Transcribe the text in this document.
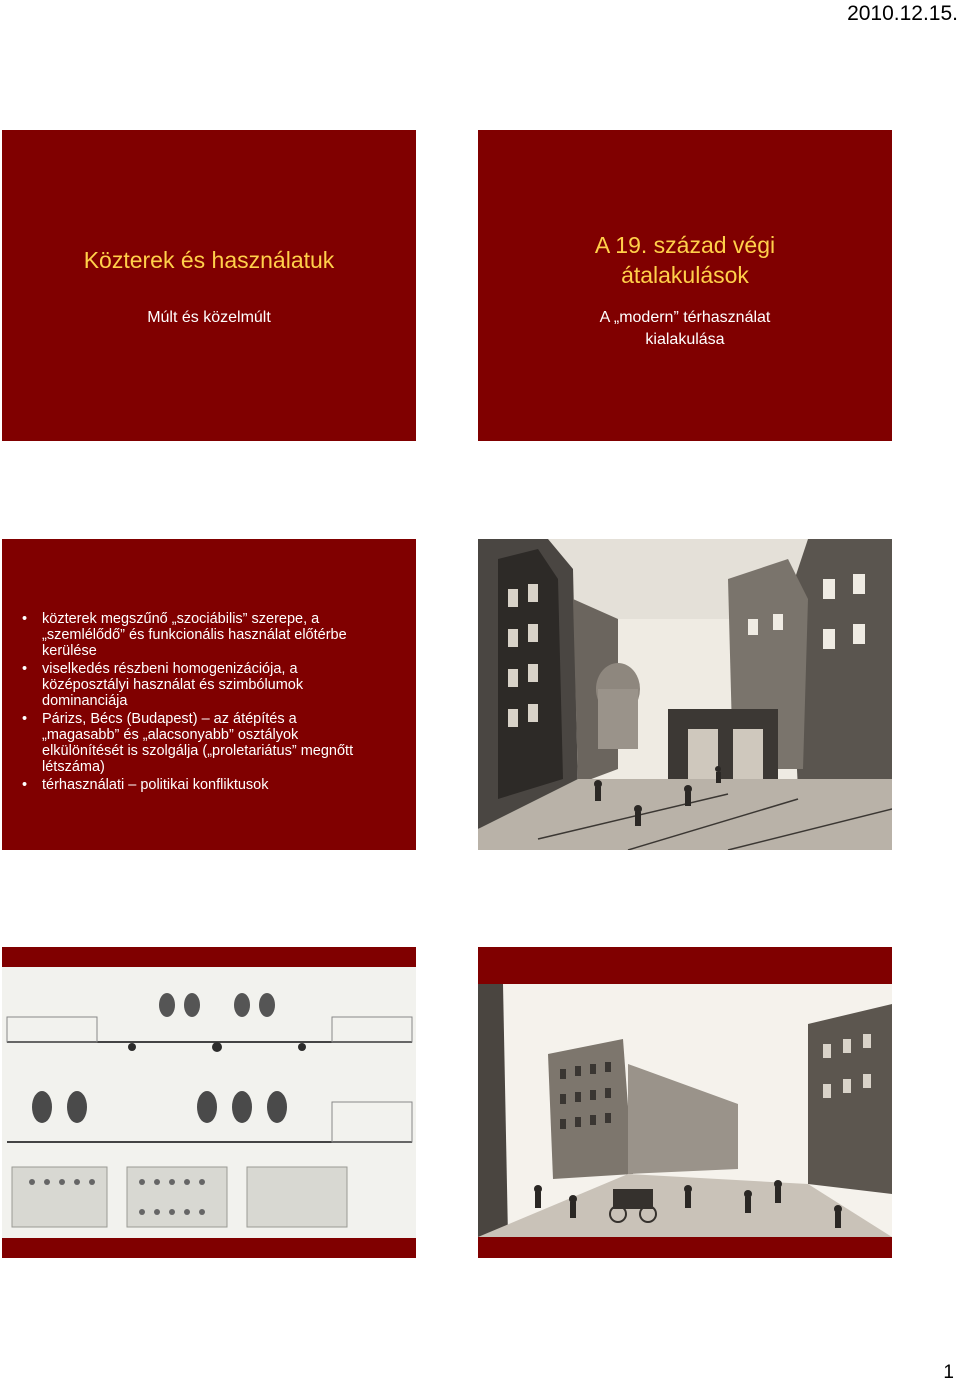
2010.12.15.
Közterek és használatuk
Múlt és közelmúlt
A 19. század végi
átalakulások
A „modern” térhasználat
kialakulása
• közterek megszűnő „szociábilis” szerepe, a
„szemlélődő” és funkcionális használat előtérbe
kerülése
• viselkedés részbeni homogenizációja, a
középosztályi használat és szimbólumok
dominanciája
• Párizs, Bécs (Budapest) – az átépítés a
„magasabb” és „alacsonyabb” osztályok
elkülönítését is szolgálja („proletariátus” megnőtt
létszáma)
• térhasználati – politikai konfliktusok
1
